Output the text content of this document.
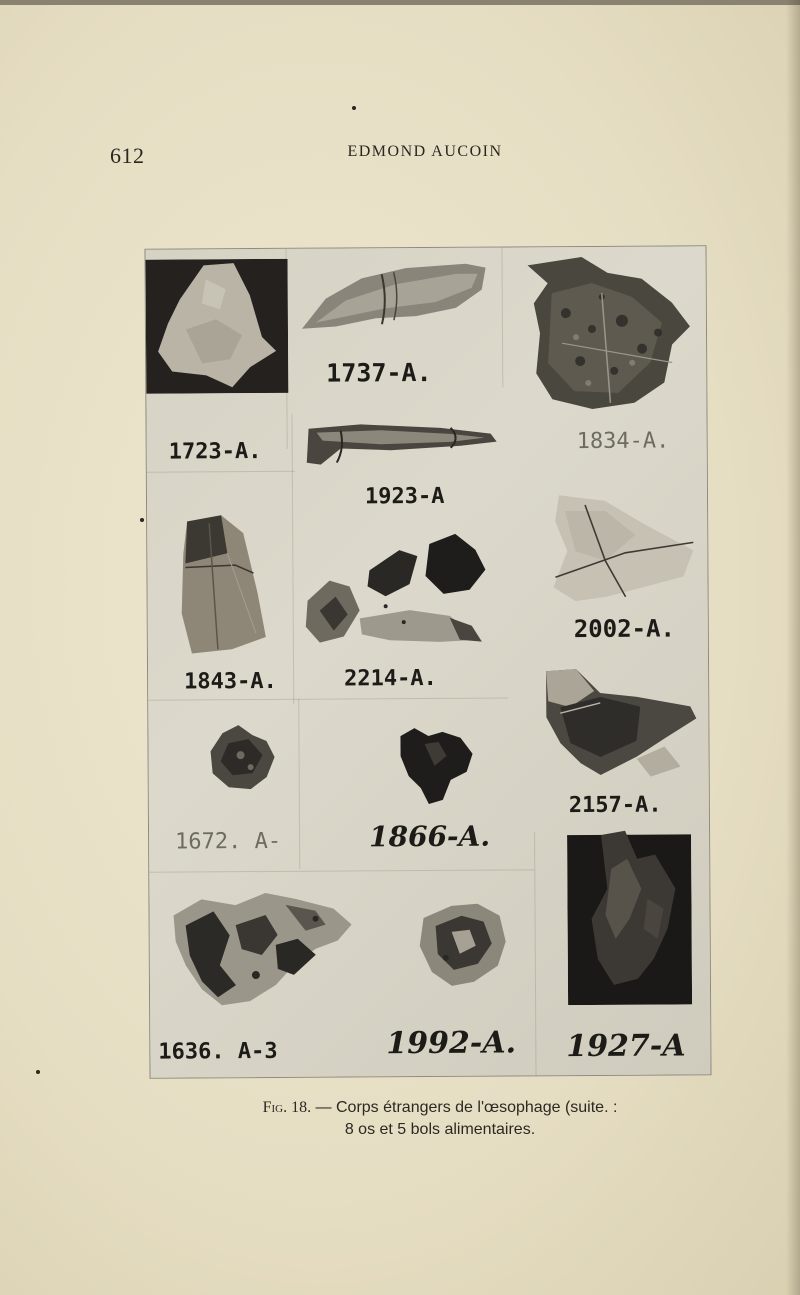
612	EDMOND AUCOIN
1737-A.
1723-A.
1923-A
1834-A.
1843-A.	2214-A.
2002-A.
1672. A-	1866-A.
2157-A.
1636. A-3	1992-A. 1927-A
Fig. 18. — Corps étrangers de l'œsophage (suite. :
8 os et 5 bols alimentaires.
